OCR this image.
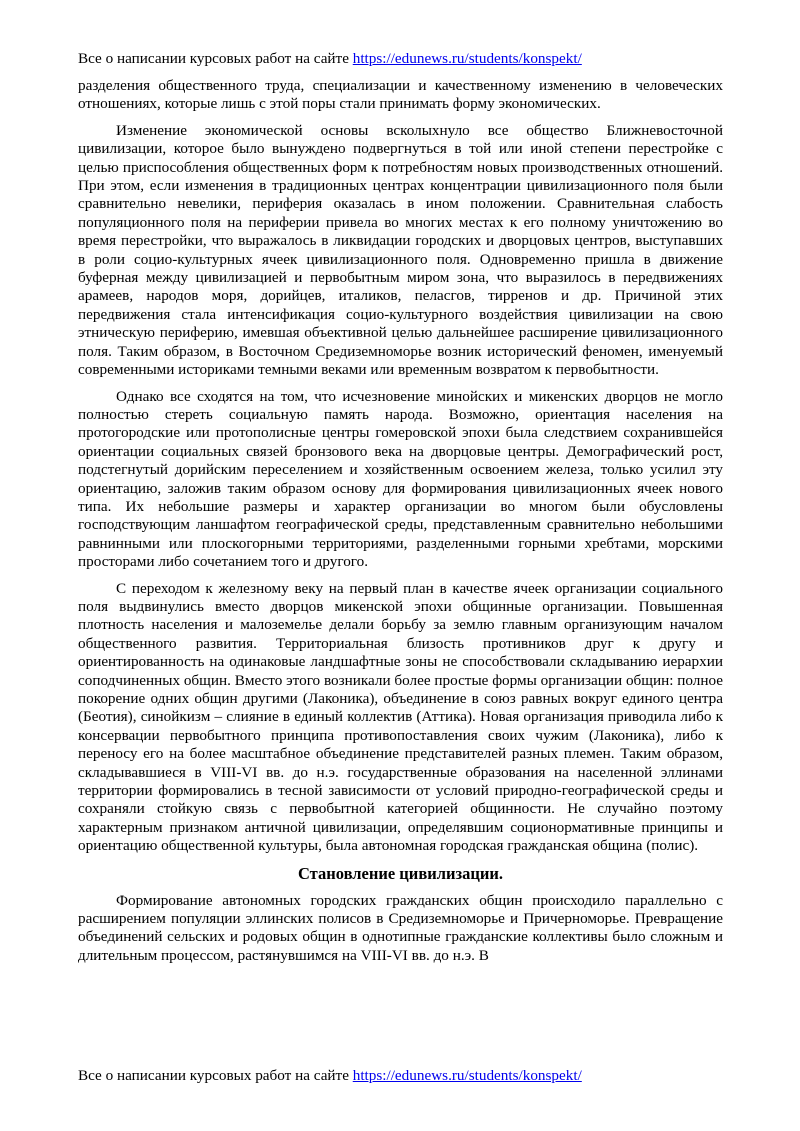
Все о написании курсовых работ на сайте https://edunews.ru/students/konspekt/

разделения общественного труда, специализации и качественному изменению в человеческих отношениях, которые лишь с этой поры стали принимать форму экономических.

Изменение экономической основы всколыхнуло все общество Ближневосточной цивилизации, которое было вынуждено подвергнуться в той или иной степени перестройке с целью приспособления общественных форм к потребностям новых производственных отношений. При этом, если изменения в традиционных центрах концентрации цивилизационного поля были сравнительно невелики, периферия оказалась в ином положении. Сравнительная слабость популяционного поля на периферии привела во многих местах к его полному уничтожению во время перестройки, что выражалось в ликвидации городских и дворцовых центров, выступавших в роли социо-культурных ячеек цивилизационного поля. Одновременно пришла в движение буферная между цивилизацией и первобытным миром зона, что выразилось в передвижениях арамеев, народов моря, дорийцев, италиков, пеласгов, тирренов и др. Причиной этих передвижения стала интенсификация социо-культурного воздействия цивилизации на свою этническую периферию, имевшая объективной целью дальнейшее расширение цивилизационного поля. Таким образом, в Восточном Средиземноморье возник исторический феномен, именуемый современными историками темными веками или временным возвратом к первобытности.

Однако все сходятся на том, что исчезновение минойских и микенских дворцов не могло полностью стереть социальную память народа. Возможно, ориентация населения на протогородские или протополисные центры гомеровской эпохи была следствием сохранившейся ориентации социальных связей бронзового века на дворцовые центры. Демографический рост, подстегнутый дорийским переселением и хозяйственным освоением железа, только усилил эту ориентацию, заложив таким образом основу для формирования цивилизационных ячеек нового типа. Их небольшие размеры и характер организации во многом были обусловлены господствующим ланшафтом географической среды, представленным сравнительно небольшими равнинными или плоскогорными территориями, разделенными горными хребтами, морскими просторами либо сочетанием того и другого.

С переходом к железному веку на первый план в качестве ячеек организации социального поля выдвинулись вместо дворцов микенской эпохи общинные организации. Повышенная плотность населения и малоземелье делали борьбу за землю главным организующим началом общественного развития. Территориальная близость противников друг к другу и ориентированность на одинаковые ландшафтные зоны не способствовали складыванию иерархии соподчиненных общин. Вместо этого возникали более простые формы организации общин: полное покорение одних общин другими (Лаконика), объединение в союз равных вокруг единого центра (Беотия), синойкизм – слияние в единый коллектив (Аттика). Новая организация приводила либо к консервации первобытного принципа противопоставления своих чужим (Лаконика), либо к переносу его на более масштабное объединение представителей разных племен. Таким образом, складывавшиеся в VIII-VI вв. до н.э. государственные образования на населенной эллинами территории формировались в тесной зависимости от условий природно-географической среды и сохраняли стойкую связь с первобытной категорией общинности. Не случайно поэтому характерным признаком античной цивилизации, определявшим соционормативные принципы и ориентацию общественной культуры, была автономная городская гражданская община (полис).

Становление цивилизации.

Формирование автономных городских гражданских общин происходило параллельно с расширением популяции эллинских полисов в Средиземноморье и Причерноморье. Превращение объединений сельских и родовых общин в однотипные гражданские коллективы было сложным и длительным процессом, растянувшимся на VIII-VI вв. до н.э. В

Все о написании курсовых работ на сайте https://edunews.ru/students/konspekt/
